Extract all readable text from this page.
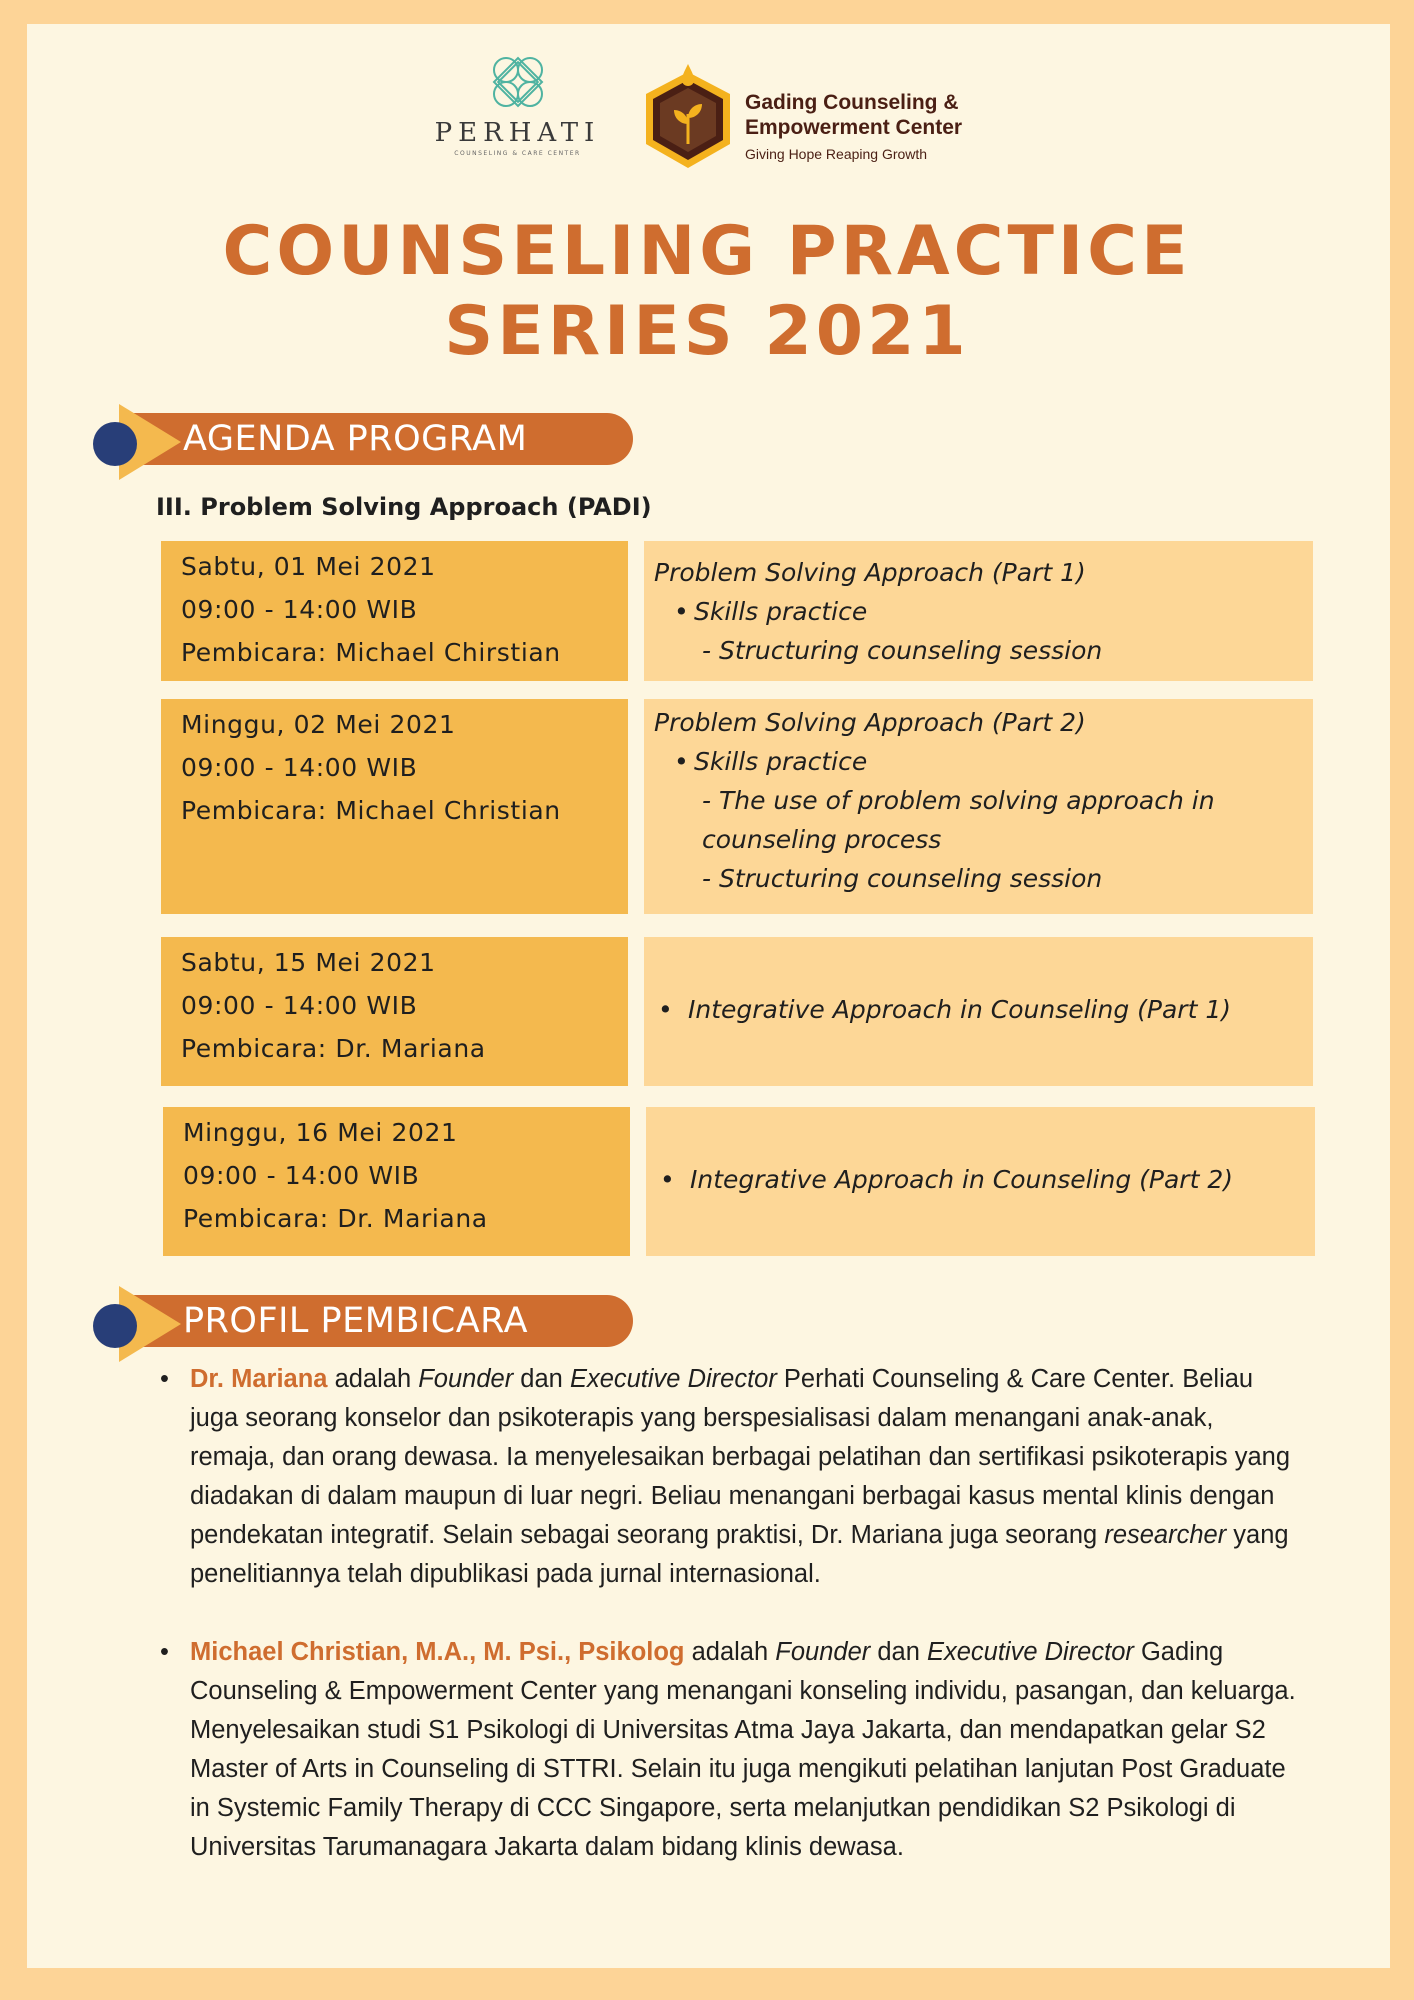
PERHATI
COUNSELING & CARE CENTER
Gading Counseling &
Empowerment Center
Giving Hope Reaping Growth
COUNSELING PRACTICE
SERIES 2021
AGENDA PROGRAM
III. Problem Solving Approach (PADI)
Sabtu, 01 Mei 2021
09:00 - 14:00 WIB
Pembicara: Michael Chirstian
Problem Solving Approach (Part 1)
• Skills practice
- Structuring counseling session
Minggu, 02 Mei 2021
09:00 - 14:00 WIB
Pembicara: Michael Christian
Problem Solving Approach (Part 2)
• Skills practice
- The use of problem solving approach in
counseling process
- Structuring counseling session
Sabtu, 15 Mei 2021
09:00 - 14:00 WIB
Pembicara: Dr. Mariana
• Integrative Approach in Counseling (Part 1)
Minggu, 16 Mei 2021
09:00 - 14:00 WIB
Pembicara: Dr. Mariana
• Integrative Approach in Counseling (Part 2)
PROFIL PEMBICARA
• Dr. Mariana adalah Founder dan Executive Director Perhati Counseling & Care Center. Beliau juga seorang konselor dan psikoterapis yang berspesialisasi dalam menangani anak-anak, remaja, dan orang dewasa. Ia menyelesaikan berbagai pelatihan dan sertifikasi psikoterapis yang diadakan di dalam maupun di luar negri. Beliau menangani berbagai kasus mental klinis dengan pendekatan integratif. Selain sebagai seorang praktisi, Dr. Mariana juga seorang researcher yang penelitiannya telah dipublikasi pada jurnal internasional.
• Michael Christian, M.A., M. Psi., Psikolog adalah Founder dan Executive Director Gading Counseling & Empowerment Center yang menangani konseling individu, pasangan, dan keluarga. Menyelesaikan studi S1 Psikologi di Universitas Atma Jaya Jakarta, dan mendapatkan gelar S2 Master of Arts in Counseling di STTRI. Selain itu juga mengikuti pelatihan lanjutan Post Graduate in Systemic Family Therapy di CCC Singapore, serta melanjutkan pendidikan S2 Psikologi di Universitas Tarumanagara Jakarta dalam bidang klinis dewasa.
